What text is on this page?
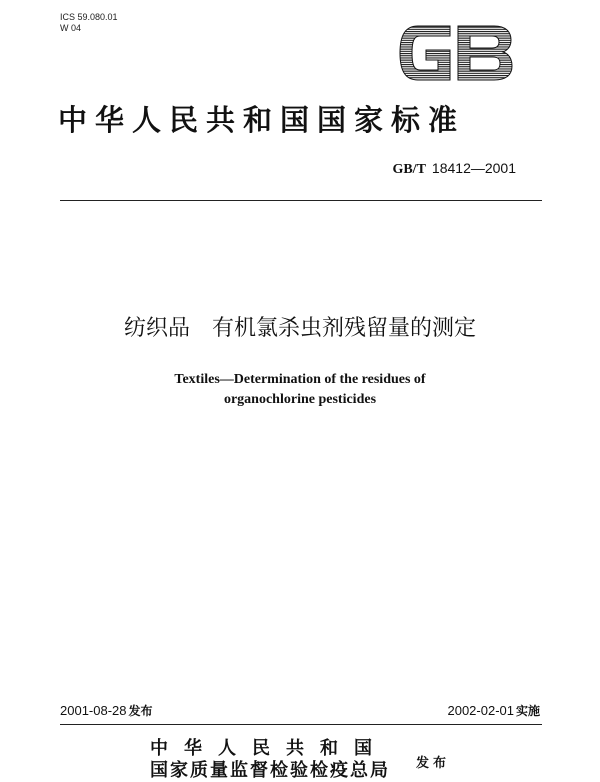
ICS 59.080.01
W 04
中华人民共和国国家标准
GB/T 18412—2001
纺织品 有机氯杀虫剂残留量的测定
Textiles—Determination of the residues of
organochlorine pesticides
2001-08-28 发布	2002-02-01 实施
中华人民共和国
国家质量监督检验检疫总局	发布
